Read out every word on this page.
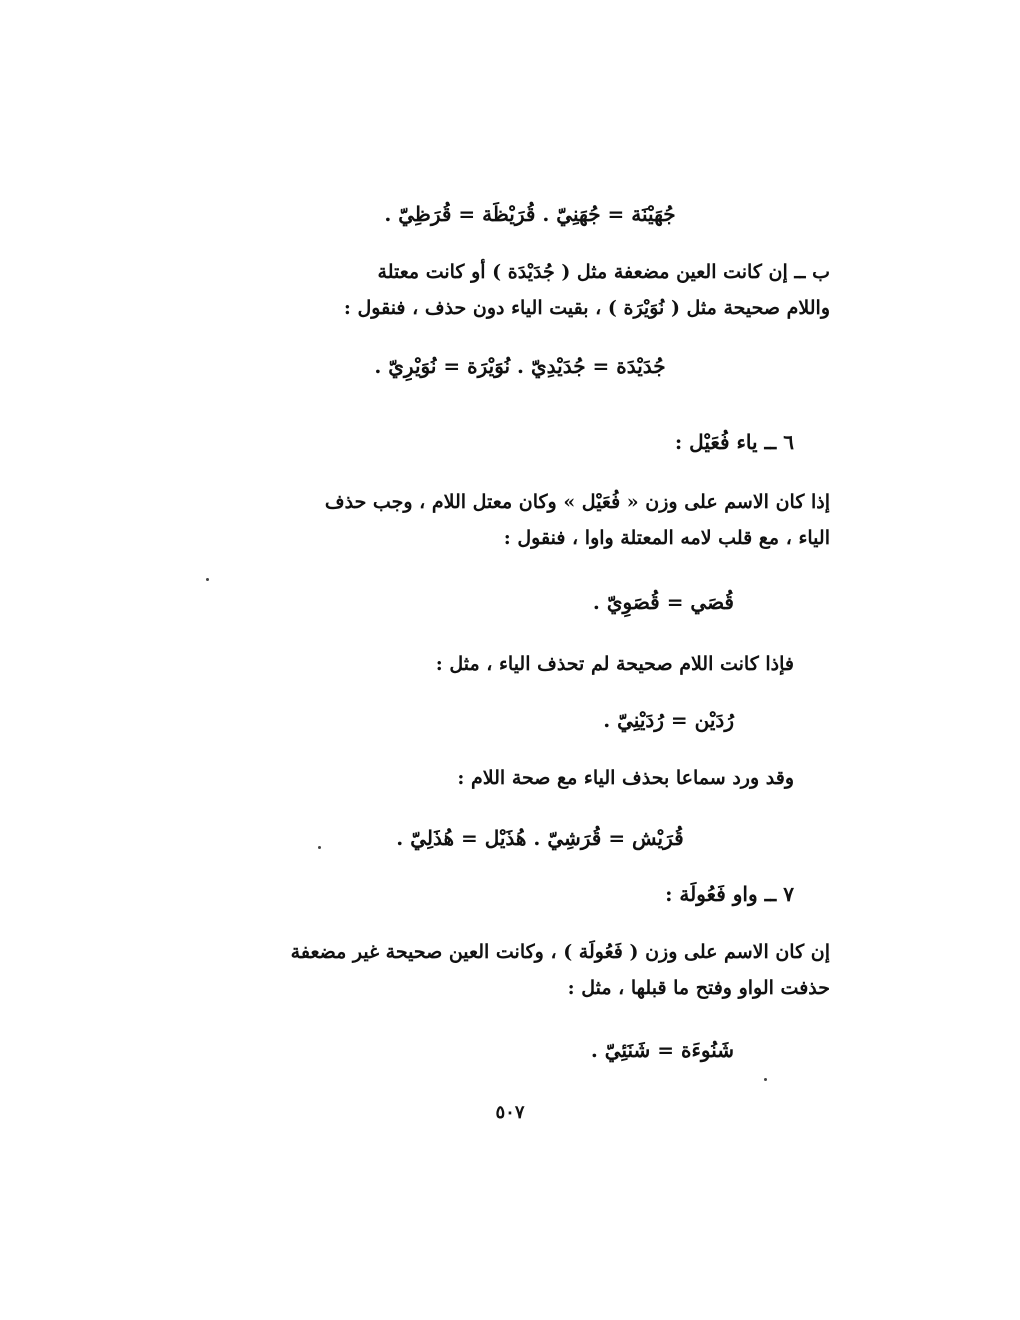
جُهَيْنَة = جُهَنِيّ . قُرَيْظَة = قُرَظِيّ .
ب ــ إن كانت العين مضعفة مثل ( جُدَيْدَة ) أو كانت معتلة
واللام صحيحة مثل ( نُوَيْرَة ) ، بقيت الياء دون حذف ، فنقول :
جُدَيْدَة = جُدَيْدِيّ . نُوَيْرَة = نُوَيْرِيّ .
٦ ــ ياء فُعَيْل :
إذا كان الاسم على وزن « فُعَيْل » وكان معتل اللام ، وجب حذف
الياء ، مع قلب لامه المعتلة واوا ، فنقول :
قُصَي = قُصَوِيّ .
فإذا كانت اللام صحيحة لم تحذف الياء ، مثل :
رُدَيْن = رُدَيْنِيّ .
وقد ورد سماعا بحذف الياء مع صحة اللام :
قُرَيْش = قُرَشِيّ . هُذَيْل = هُذَلِيّ .
٧ ــ واو فَعُولَة :
إن كان الاسم على وزن ( فَعُولَة ) ، وكانت العين صحيحة غير مضعفة
حذفت الواو وفتح ما قبلها ، مثل :
شَنُوءَة = شَنَئِيّ .
٥٠٧
